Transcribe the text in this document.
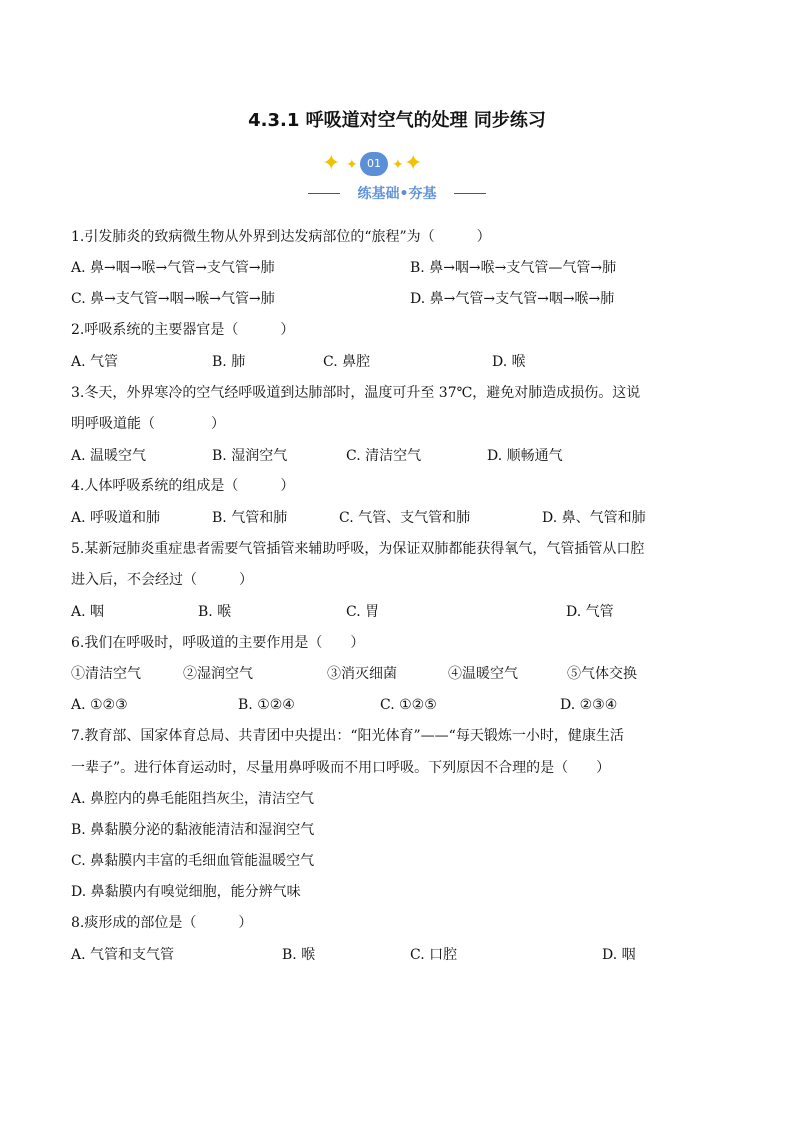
4.3.1 呼吸道对空气的处理 同步练习
✦ ✦ 01 ✦ ✦
练基础•夯基
1.引发肺炎的致病微生物从外界到达发病部位的“旅程”为（　　　）
A. 鼻→咽→喉→气管→支气管→肺	B. 鼻→咽→喉→支气管—气管→肺
C. 鼻→支气管→咽→喉→气管→肺	D. 鼻→气管→支气管→咽→喉→肺
2.呼吸系统的主要器官是（　　　）
A. 气管	B. 肺	C. 鼻腔	D. 喉
3.冬天，外界寒冷的空气经呼吸道到达肺部时，温度可升至 37℃，避免对肺造成损伤。这说
明呼吸道能（　　　　）
A. 温暖空气	B. 湿润空气	C. 清洁空气	D. 顺畅通气
4.人体呼吸系统的组成是（　　　）
A. 呼吸道和肺	B. 气管和肺	C. 气管、支气管和肺	D. 鼻、气管和肺
5.某新冠肺炎重症患者需要气管插管来辅助呼吸，为保证双肺都能获得氧气，气管插管从口腔
进入后，不会经过（　　　）
A. 咽	B. 喉	C. 胃	D. 气管
6.我们在呼吸时，呼吸道的主要作用是（　　）
①清洁空气	②湿润空气	③消灭细菌	④温暖空气	⑤气体交换
A. ①②③	B. ①②④	C. ①②⑤	D. ②③④
7.教育部、国家体育总局、共青团中央提出：“阳光体育”——“每天锻炼一小时，健康生活
一辈子”。进行体育运动时，尽量用鼻呼吸而不用口呼吸。下列原因不合理的是（　　）
A. 鼻腔内的鼻毛能阻挡灰尘，清洁空气
B. 鼻黏膜分泌的黏液能清洁和湿润空气
C. 鼻黏膜内丰富的毛细血管能温暖空气
D. 鼻黏膜内有嗅觉细胞，能分辨气味
8.痰形成的部位是（　　　）
A. 气管和支气管	B. 喉	C. 口腔	D. 咽
